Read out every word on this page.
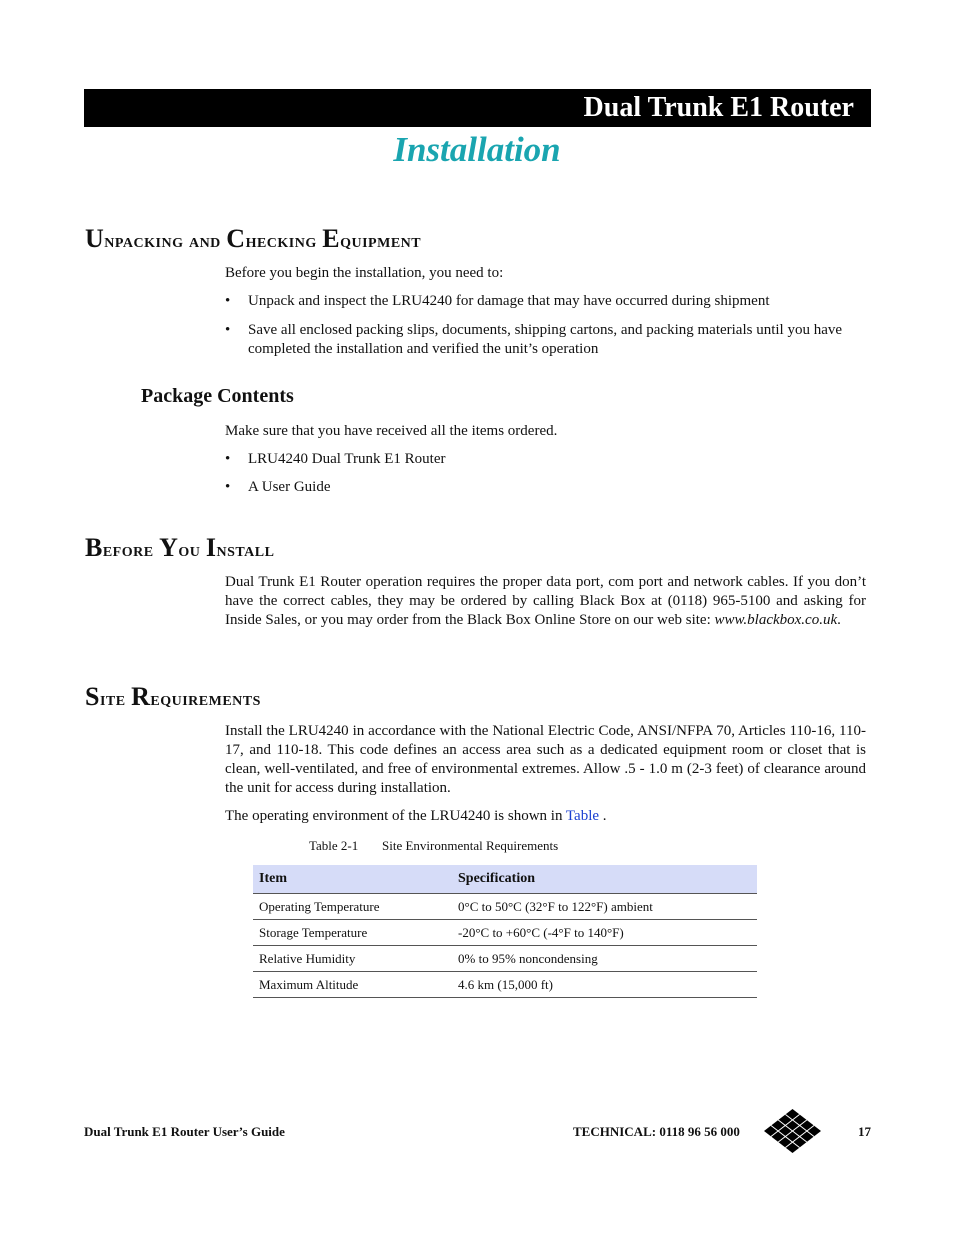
Dual Trunk E1 Router
Installation
Unpacking and Checking Equipment
Before you begin the installation, you need to:
• Unpack and inspect the LRU4240 for damage that may have occurred during shipment
• Save all enclosed packing slips, documents, shipping cartons, and packing materials until you have completed the installation and verified the unit’s operation
Package Contents
Make sure that you have received all the items ordered.
• LRU4240 Dual Trunk E1 Router
• A User Guide
Before You Install
Dual Trunk E1 Router operation requires the proper data port, com port and network cables. If you don’t have the correct cables, they may be ordered by calling Black Box at (0118) 965-5100 and asking for Inside Sales, or you may order from the Black Box Online Store on our web site: www.blackbox.co.uk.
Site Requirements
Install the LRU4240 in accordance with the National Electric Code, ANSI/NFPA 70, Articles 110-16, 110-17, and 110-18. This code defines an access area such as a dedicated equipment room or closet that is clean, well-ventilated, and free of environmental extremes. Allow .5 - 1.0 m (2-3 feet) of clearance around the unit for access during installation.
The operating environment of the LRU4240 is shown in Table .
Table 2-1 Site Environmental Requirements
Item	Specification
Operating Temperature	0°C to 50°C (32°F to 122°F) ambient
Storage Temperature	-20°C to +60°C (-4°F to 140°F)
Relative Humidity	0% to 95% noncondensing
Maximum Altitude	4.6 km (15,000 ft)
Dual Trunk E1 Router User’s Guide	TECHNICAL: 0118 96 56 000	17
